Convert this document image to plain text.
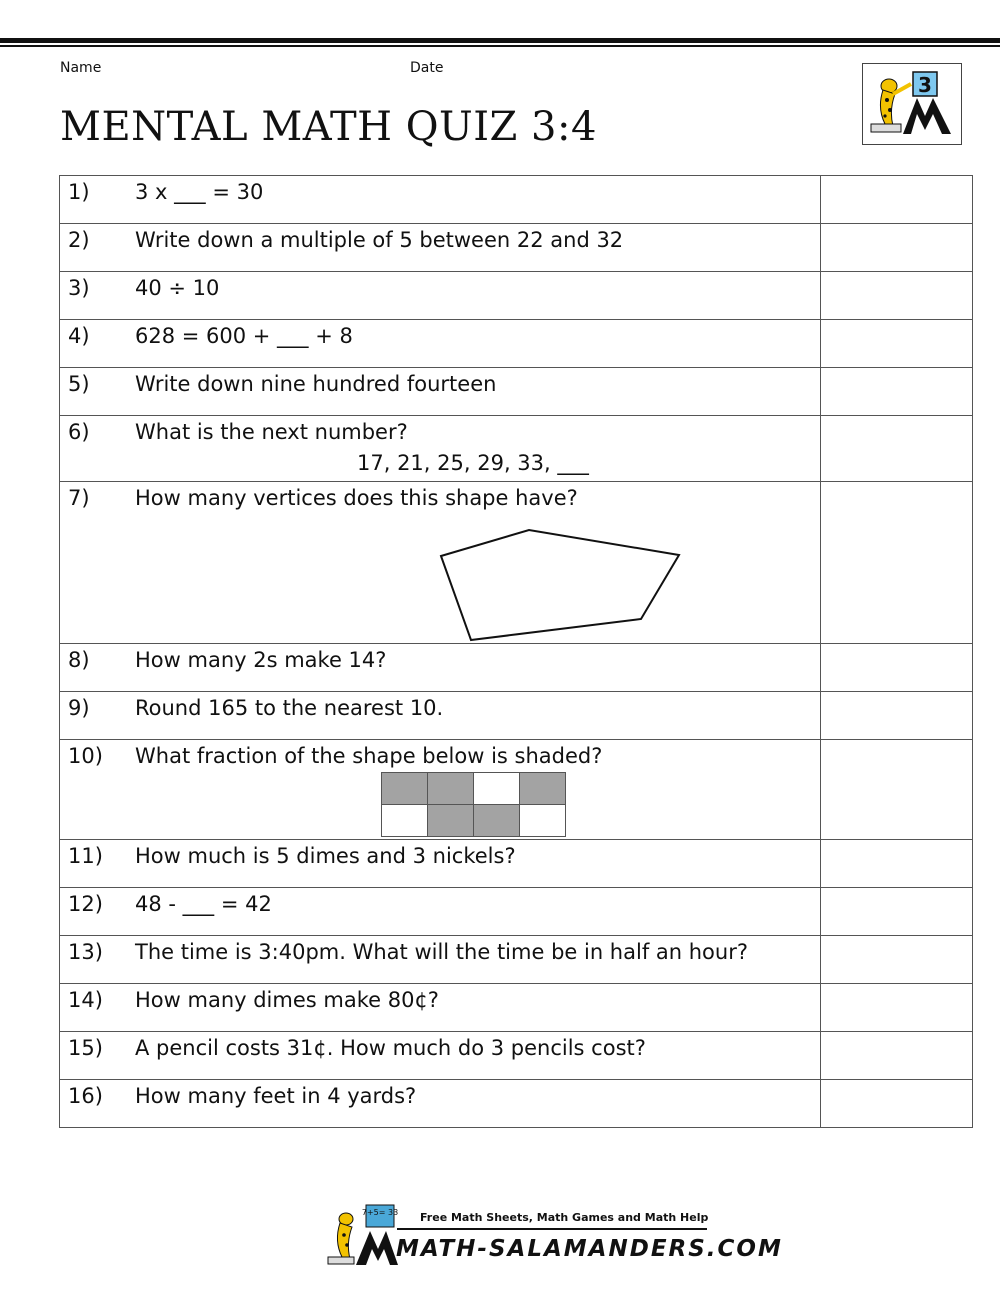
Name	Date
MENTAL MATH QUIZ 3:4
3
1) 3 x ___ = 30

2) Write down a multiple of 5 between 22 and 32

3) 40 ÷ 10

4) 628 = 600 + ___ + 8

5) Write down nine hundred fourteen

6) What is the next number?
17, 21, 25, 29, 33, ___

7) How many vertices does this shape have?

8) How many 2s make 14?

9) Round 165 to the nearest 10.

10) What fraction of the shape below is shaded?

11) How much is 5 dimes and 3 nickels?

12) 48 - ___ = 42

13) The time is 3:40pm. What will the time be in half an hour?

14) How many dimes make 80¢?

15) A pencil costs 31¢. How much do 3 pencils cost?

16) How many feet in 4 yards?

7+5= 33 Free Math Sheets, Math Games and Math Help
MATH-SALAMANDERS.COM
